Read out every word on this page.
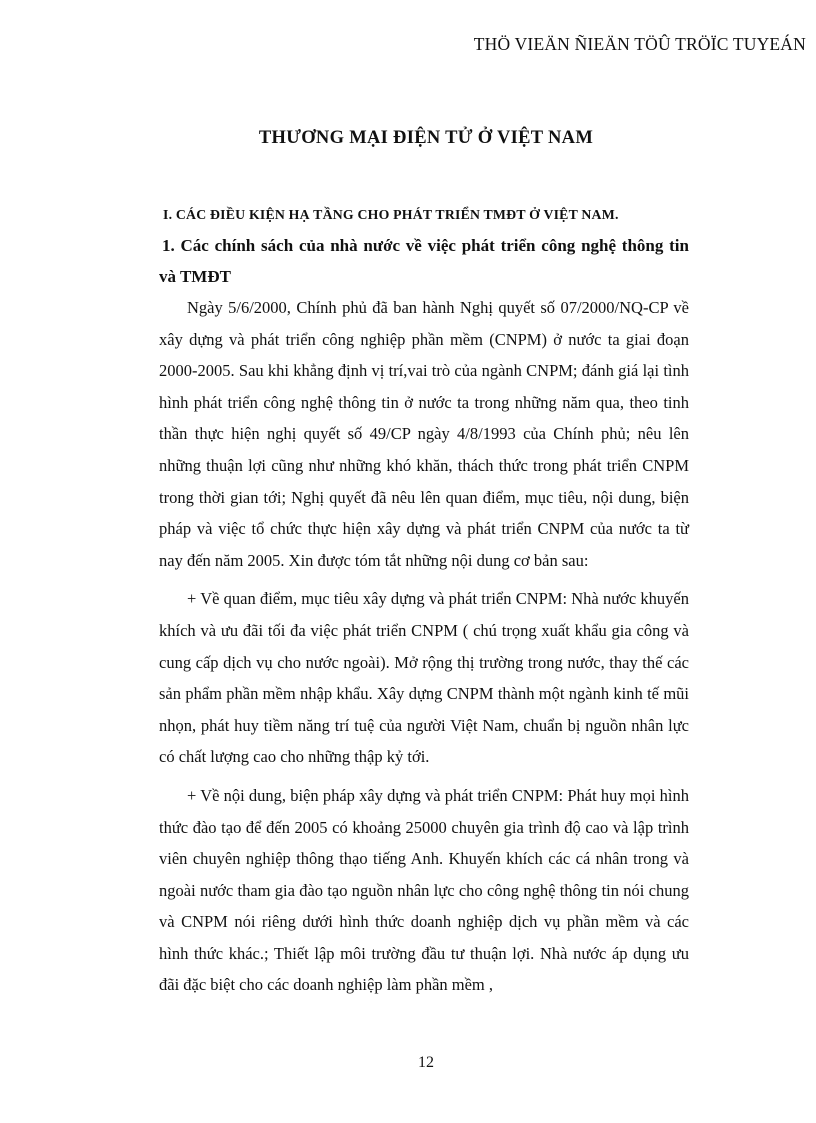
THÖ VIEÄN ÑIEÄN TÖÛ TRÖÏC TUYEÁN
THƯƠNG MẠI ĐIỆN TỬ Ở VIỆT NAM
I. CÁC ĐIỀU KIỆN HẠ TẦNG CHO PHÁT TRIỂN TMĐT Ở VIỆT NAM.
1. Các chính sách của nhà nước về việc phát triển công nghệ thông tin
và TMĐT

Ngày 5/6/2000, Chính phủ đã ban hành Nghị quyết số 07/2000/NQ-CP về xây dựng và phát triển công nghiệp phần mềm (CNPM) ở nước ta giai đoạn 2000-2005. Sau khi khẳng định vị trí,vai trò của ngành CNPM; đánh giá lại tình hình phát triển công nghệ thông tin ở nước ta trong những năm qua, theo tinh thần thực hiện nghị quyết số 49/CP ngày 4/8/1993 của Chính phủ; nêu lên những thuận lợi cũng như những khó khăn, thách thức trong phát triển CNPM trong thời gian tới; Nghị quyết đã nêu lên quan điểm, mục tiêu, nội dung, biện pháp và việc tổ chức thực hiện xây dựng và phát triển CNPM của nước ta từ nay đến năm 2005. Xin được tóm tắt những nội dung cơ bản sau:

+ Về quan điểm, mục tiêu xây dựng và phát triển CNPM: Nhà nước khuyến khích và ưu đãi tối đa việc phát triển CNPM ( chú trọng xuất khẩu gia công và cung cấp dịch vụ cho nước ngoài). Mở rộng thị trường trong nước, thay thế các sản phẩm phần mềm nhập khẩu. Xây dựng CNPM thành một ngành kinh tế mũi nhọn, phát huy tiềm năng trí tuệ của người Việt Nam, chuẩn bị nguồn nhân lực có chất lượng cao cho những thập kỷ tới.

+ Về nội dung, biện pháp xây dựng và phát triển CNPM: Phát huy mọi hình thức đào tạo để đến 2005 có khoảng 25000 chuyên gia trình độ cao và lập trình viên chuyên nghiệp thông thạo tiếng Anh. Khuyến khích các cá nhân trong và ngoài nước tham gia đào tạo nguồn nhân lực cho công nghệ thông tin nói chung và CNPM nói riêng dưới hình thức doanh nghiệp dịch vụ phần mềm và các hình thức khác.; Thiết lập môi trường đầu tư thuận lợi. Nhà nước áp dụng ưu đãi đặc biệt cho các doanh nghiệp làm phần mềm ,

12
